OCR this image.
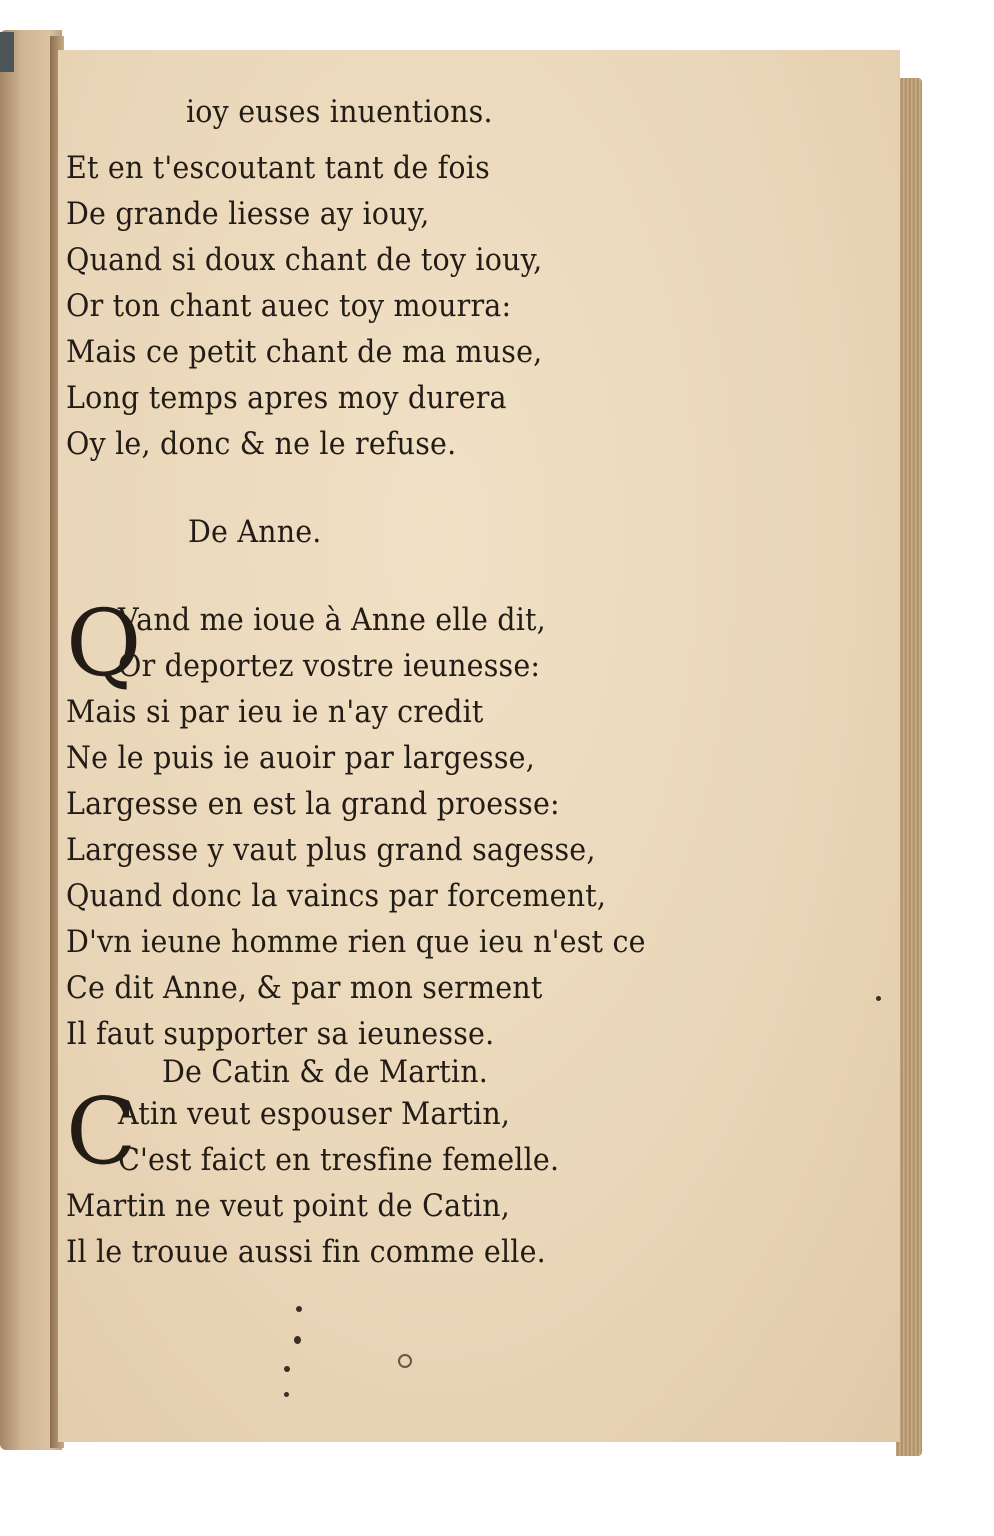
ioy euses inuentions.
Et en t'escoutant tant de fois
De grande liesse ay iouy,
Quand si doux chant de toy iouy,
Or ton chant auec toy mourra:
Mais ce petit chant de ma muse,
Long temps apres moy durera
Oy le, donc & ne le refuse.
De Anne.
Q
Vand me ioue à Anne elle dit,
Or deportez vostre ieunesse:
Mais si par ieu ie n'ay credit
Ne le puis ie auoir par largesse,
Largesse en est la grand proesse:
Largesse y vaut plus grand sagesse,
Quand donc la vaincs par forcement,
D'vn ieune homme rien que ieu n'est ce
Ce dit Anne, & par mon serment
Il faut supporter sa ieunesse.
De Catin & de Martin.
C
Atin veut espouser Martin,
C'est faict en tresfine femelle.
Martin ne veut point de Catin,
Il le trouue aussi fin comme elle.
